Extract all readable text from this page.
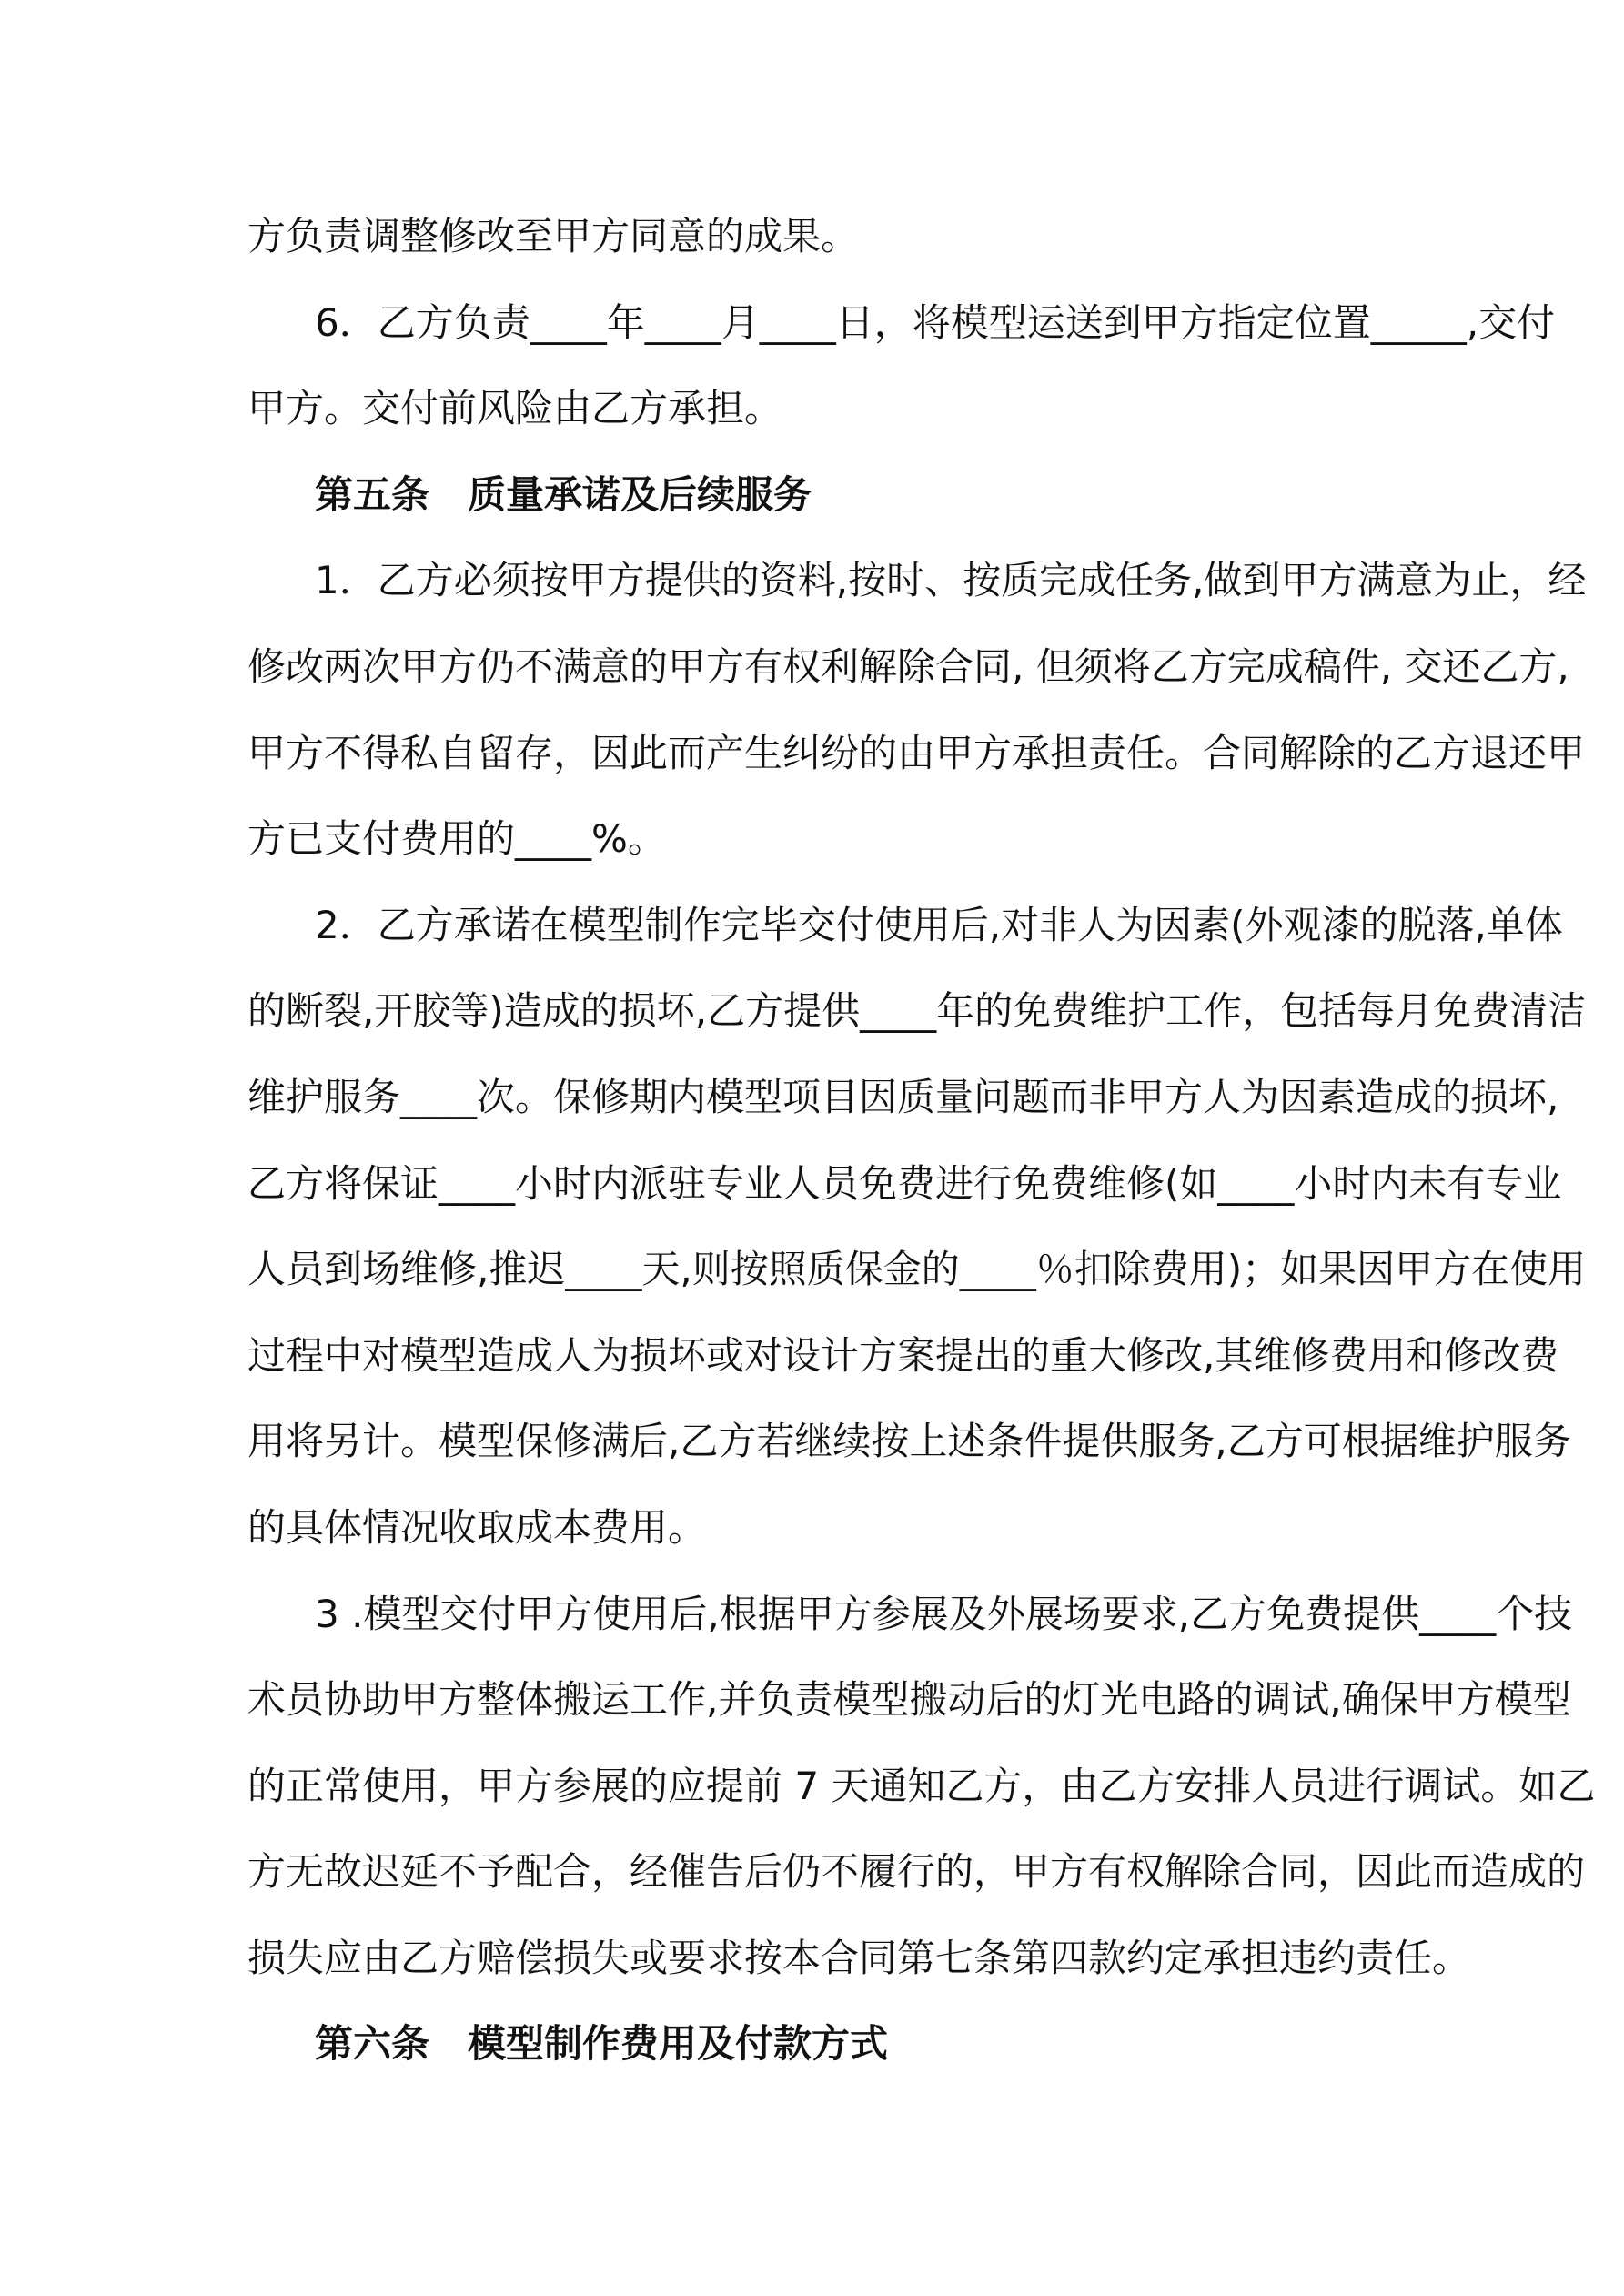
方负责调整修改至甲方同意的成果。
6．乙方负责____年____月____日，将模型运送到甲方指定位置_____,交付
甲方。交付前风险由乙方承担。
第五条　质量承诺及后续服务
1．乙方必须按甲方提供的资料,按时、按质完成任务,做到甲方满意为止，经
修改两次甲方仍不满意的甲方有权利解除合同, 但须将乙方完成稿件, 交还乙方,
甲方不得私自留存，因此而产生纠纷的由甲方承担责任。合同解除的乙方退还甲
方已支付费用的____%。
2．乙方承诺在模型制作完毕交付使用后,对非人为因素(外观漆的脱落,单体
的断裂,开胶等)造成的损坏,乙方提供____年的免费维护工作，包括每月免费清洁
维护服务____次。保修期内模型项目因质量问题而非甲方人为因素造成的损坏,
乙方将保证____小时内派驻专业人员免费进行免费维修(如____小时内未有专业
人员到场维修,推迟____天,则按照质保金的____％扣除费用)；如果因甲方在使用
过程中对模型造成人为损坏或对设计方案提出的重大修改,其维修费用和修改费
用将另计。模型保修满后,乙方若继续按上述条件提供服务,乙方可根据维护服务
的具体情况收取成本费用。
3 .模型交付甲方使用后,根据甲方参展及外展场要求,乙方免费提供____个技
术员协助甲方整体搬运工作,并负责模型搬动后的灯光电路的调试,确保甲方模型
的正常使用，甲方参展的应提前 7 天通知乙方，由乙方安排人员进行调试。如乙
方无故迟延不予配合，经催告后仍不履行的，甲方有权解除合同，因此而造成的
损失应由乙方赔偿损失或要求按本合同第七条第四款约定承担违约责任。
第六条　模型制作费用及付款方式
